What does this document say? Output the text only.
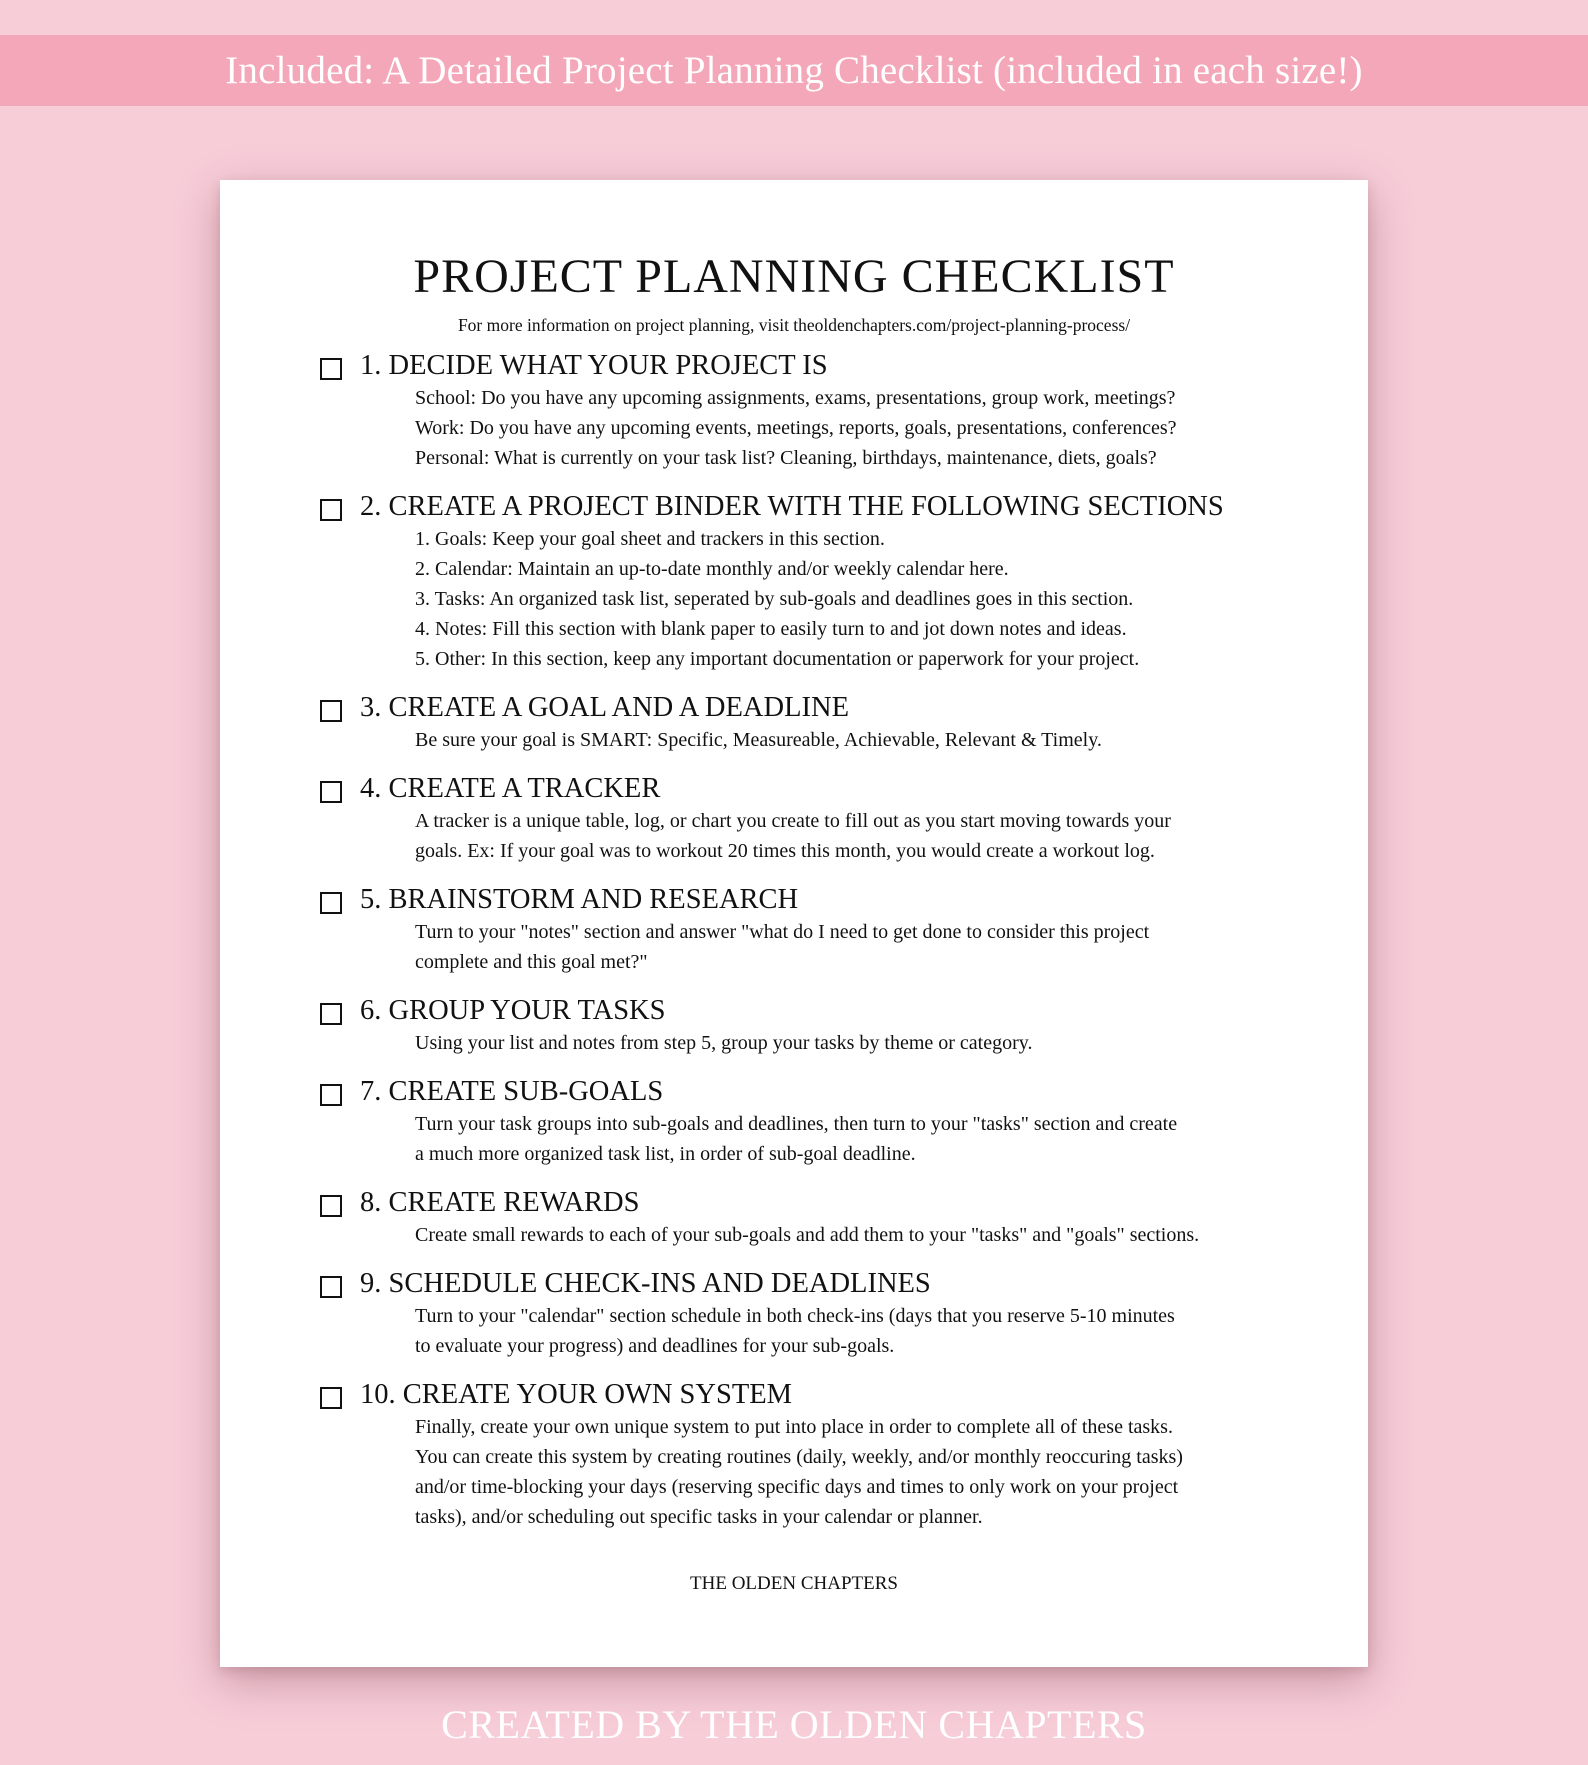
Included: A Detailed Project Planning Checklist (included in each size!)
PROJECT PLANNING CHECKLIST
For more information on project planning, visit theoldenchapters.com/project-planning-process/
1. DECIDE WHAT YOUR PROJECT IS
School: Do you have any upcoming assignments, exams, presentations, group work, meetings?
Work: Do you have any upcoming events, meetings, reports, goals, presentations, conferences?
Personal: What is currently on your task list? Cleaning, birthdays, maintenance, diets, goals?
2. CREATE A PROJECT BINDER WITH THE FOLLOWING SECTIONS
1. Goals: Keep your goal sheet and trackers in this section.
2. Calendar: Maintain an up-to-date monthly and/or weekly calendar here.
3. Tasks: An organized task list, seperated by sub-goals and deadlines goes in this section.
4. Notes: Fill this section with blank paper to easily turn to and jot down notes and ideas.
5. Other: In this section, keep any important documentation or paperwork for your project.
3. CREATE A GOAL AND A DEADLINE
Be sure your goal is SMART: Specific, Measureable, Achievable, Relevant & Timely.
4. CREATE A TRACKER
A tracker is a unique table, log, or chart you create to fill out as you start moving towards your
goals. Ex: If your goal was to workout 20 times this month, you would create a workout log.
5. BRAINSTORM AND RESEARCH
Turn to your "notes" section and answer "what do I need to get done to consider this project
complete and this goal met?"
6. GROUP YOUR TASKS
Using your list and notes from step 5, group your tasks by theme or category.
7. CREATE SUB-GOALS
Turn your task groups into sub-goals and deadlines, then turn to your "tasks" section and create
a much more organized task list, in order of sub-goal deadline.
8. CREATE REWARDS
Create small rewards to each of your sub-goals and add them to your "tasks" and "goals" sections.
9. SCHEDULE CHECK-INS AND DEADLINES
Turn to your "calendar" section schedule in both check-ins (days that you reserve 5-10 minutes
to evaluate your progress) and deadlines for your sub-goals.
10. CREATE YOUR OWN SYSTEM
Finally, create your own unique system to put into place in order to complete all of these tasks.
You can create this system by creating routines (daily, weekly, and/or monthly reoccuring tasks)
and/or time-blocking your days (reserving specific days and times to only work on your project
tasks), and/or scheduling out specific tasks in your calendar or planner.
THE OLDEN CHAPTERS
CREATED BY THE OLDEN CHAPTERS
